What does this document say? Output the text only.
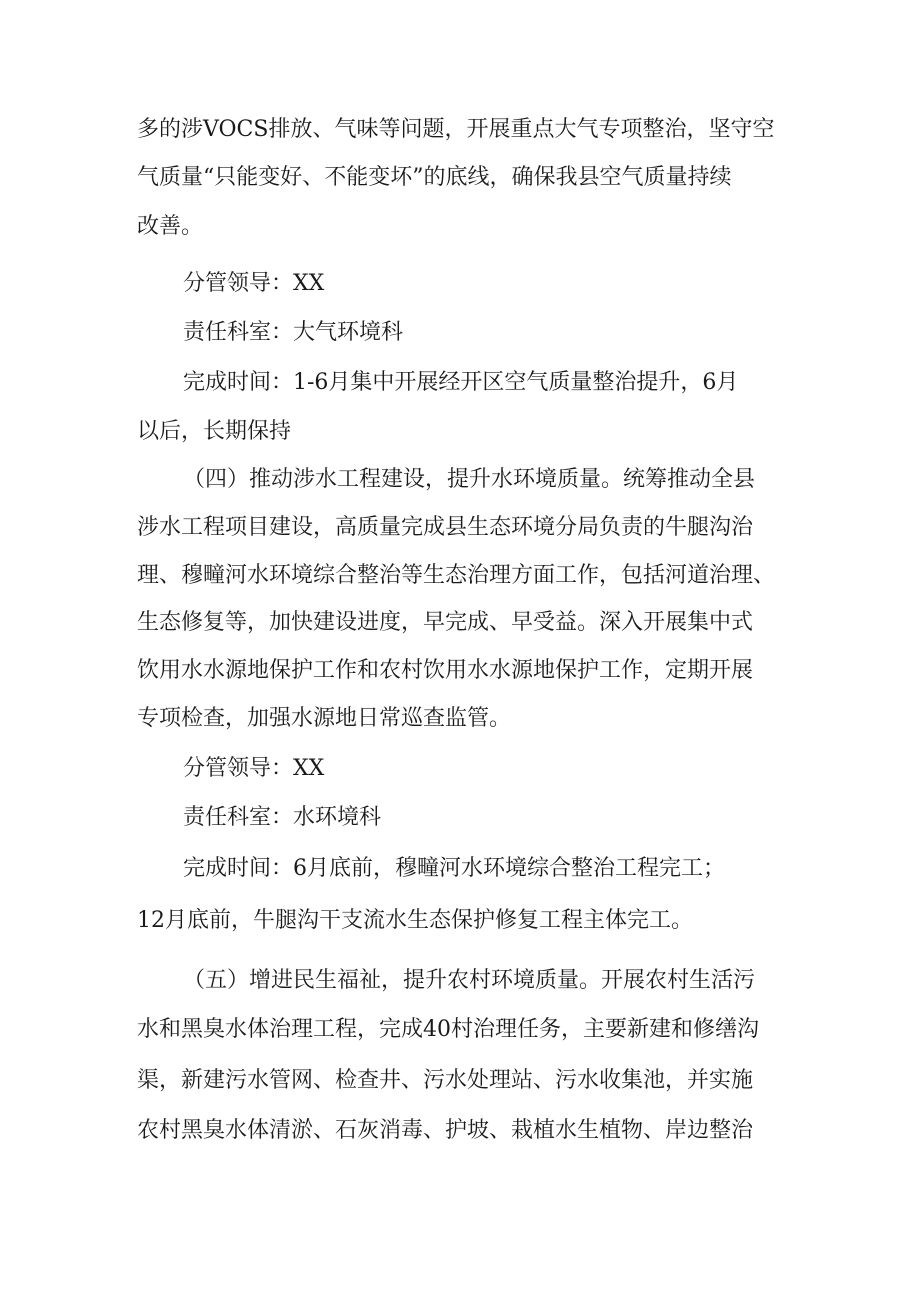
多的涉VOCS排放、气味等问题，开展重点大气专项整治，坚守空
气质量“只能变好、不能变坏”的底线，确保我县空气质量持续
改善。
分管领导：XX
责任科室：大气环境科
完成时间：1-6月集中开展经开区空气质量整治提升，6月
以后，长期保持
（四）推动涉水工程建设，提升水环境质量。统筹推动全县
涉水工程项目建设，高质量完成县生态环境分局负责的牛腿沟治
理、穆疃河水环境综合整治等生态治理方面工作，包括河道治理、
生态修复等，加快建设进度，早完成、早受益。深入开展集中式
饮用水水源地保护工作和农村饮用水水源地保护工作，定期开展
专项检查，加强水源地日常巡查监管。
分管领导：XX
责任科室：水环境科
完成时间：6月底前，穆疃河水环境综合整治工程完工；
12月底前，牛腿沟干支流水生态保护修复工程主体完工。
（五）增进民生福祉，提升农村环境质量。开展农村生活污
水和黑臭水体治理工程，完成40村治理任务，主要新建和修缮沟
渠，新建污水管网、检查井、污水处理站、污水收集池，并实施
农村黑臭水体清淤、石灰消毒、护坡、栽植水生植物、岸边整治
